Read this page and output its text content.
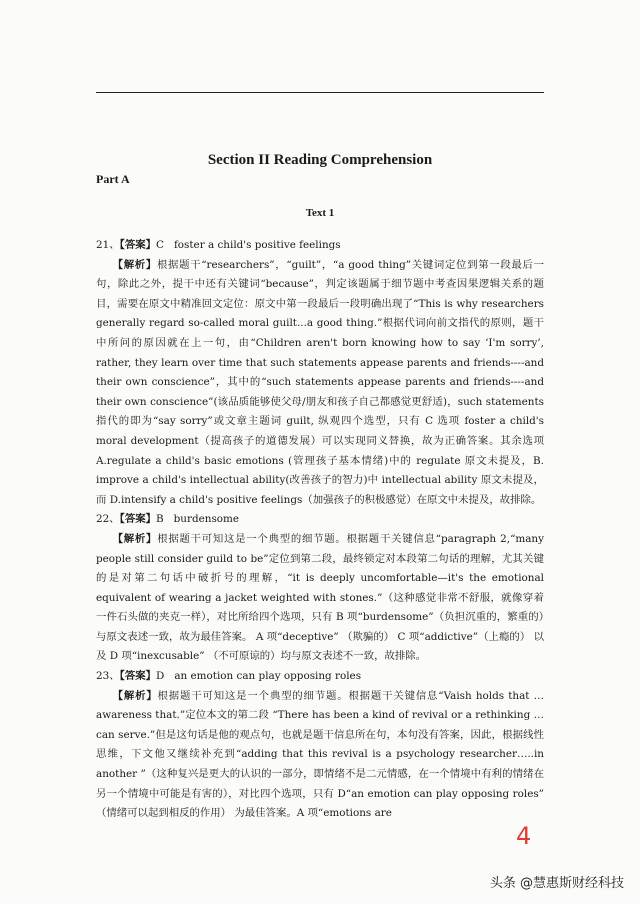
Section II Reading Comprehension
Part A
Text 1

21、【答案】C foster a child's positive feelings

【解析】根据题干“researchers”，“guilt”，“a good thing”关键词定位到第一段最后一句，除此之外，提干中还有关键词“because”，判定该题属于细节题中考查因果逻辑关系的题目，需要在原文中精准回文定位：原文中第一段最后一段明确出现了“This is why researchers generally regard so-called moral guilt...a good thing.”根据代词向前文指代的原则，题干中所问的原因就在上一句，由“Children aren't born knowing how to say ‘I'm sorry’, rather, they learn over time that such statements appease parents and friends----and their own conscience”，其中的“such statements appease parents and friends----and their own conscience”(该品质能够使父母/朋友和孩子自己都感觉更舒适)，such statements 指代的即为“say sorry”或文章主题词 guilt, 纵观四个选型，只有 C 选项 foster a child's moral development（提高孩子的道德发展）可以实现同义替换，故为正确答案。其余选项 A.regulate a child's basic emotions (管理孩子基本情绪)中的 regulate 原文未提及，B. improve a child's intellectual ability(改善孩子的智力)中 intellectual ability 原文未提及，而 D.intensify a child's positive feelings（加强孩子的积极感觉）在原文中未提及，故排除。

22、【答案】B burdensome

【解析】根据题干可知这是一个典型的细节题。根据题干关键信息“paragraph 2,“many people still consider guild to be”定位到第二段，最终锁定对本段第二句话的理解，尤其关键的是对第二句话中破折号的理解，“it is deeply uncomfortable—it's the emotional equivalent of wearing a jacket weighted with stones.”（这种感觉非常不舒服，就像穿着一件石头做的夹克一样），对比所给四个选项，只有 B 项“burdensome”（负担沉重的，繁重的）与原文表述一致，故为最佳答案。 A 项“deceptive” （欺骗的） C 项“addictive”（上瘾的） 以及 D 项“inexcusable” （不可原谅的）均与原文表述不一致，故排除。

23、【答案】D an emotion can play opposing roles

【解析】根据题干可知这是一个典型的细节题。根据题干关键信息“Vaish holds that …awareness that.”定位本文的第二段 “There has been a kind of revival or a rethinking …can serve.”但是这句话是他的观点句，也就是题干信息所在句，本句没有答案，因此，根据线性思维，下文他又继续补充到“adding that this revival is a psychology researcher…..in another ”（这种复兴是更大的认识的一部分，即情绪不是二元情感，在一个情境中有利的情绪在另一个情境中可能是有害的），对比四个选项，只有 D“an emotion can play opposing roles” （情绪可以起到相反的作用） 为最佳答案。A 项“emotions are

4
头条 @慧惠斯财经科技
